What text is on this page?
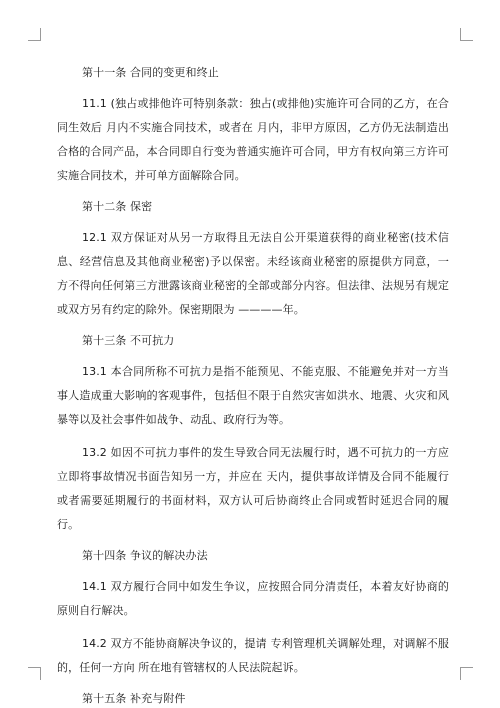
第十一条 合同的变更和终止

11.1 (独占或排他许可特别条款：独占(或排他)实施许可合同的乙方，在合同生效后 月内不实施合同技术，或者在 月内，非甲方原因，乙方仍无法制造出合格的合同产品，本合同即自行变为普通实施许可合同，甲方有权向第三方许可实施合同技术，并可单方面解除合同。

第十二条 保密

12.1 双方保证对从另一方取得且无法自公开渠道获得的商业秘密(技术信息、经营信息及其他商业秘密)予以保密。未经该商业秘密的原提供方同意，一方不得向任何第三方泄露该商业秘密的全部或部分内容。但法律、法规另有规定或双方另有约定的除外。保密期限为 ————年。

第十三条 不可抗力

13.1 本合同所称不可抗力是指不能预见、不能克服、不能避免并对一方当事人造成重大影响的客观事件，包括但不限于自然灾害如洪水、地震、火灾和风暴等以及社会事件如战争、动乱、政府行为等。

13.2 如因不可抗力事件的发生导致合同无法履行时，遇不可抗力的一方应立即将事故情况书面告知另一方，并应在 天内，提供事故详情及合同不能履行或者需要延期履行的书面材料，双方认可后协商终止合同或暂时延迟合同的履行。

第十四条 争议的解决办法

14.1 双方履行合同中如发生争议，应按照合同分清责任，本着友好协商的原则自行解决。

14.2 双方不能协商解决争议的，提请 专利管理机关调解处理，对调解不服的，任何一方向 所在地有管辖权的人民法院起诉。

第十五条 补充与附件
